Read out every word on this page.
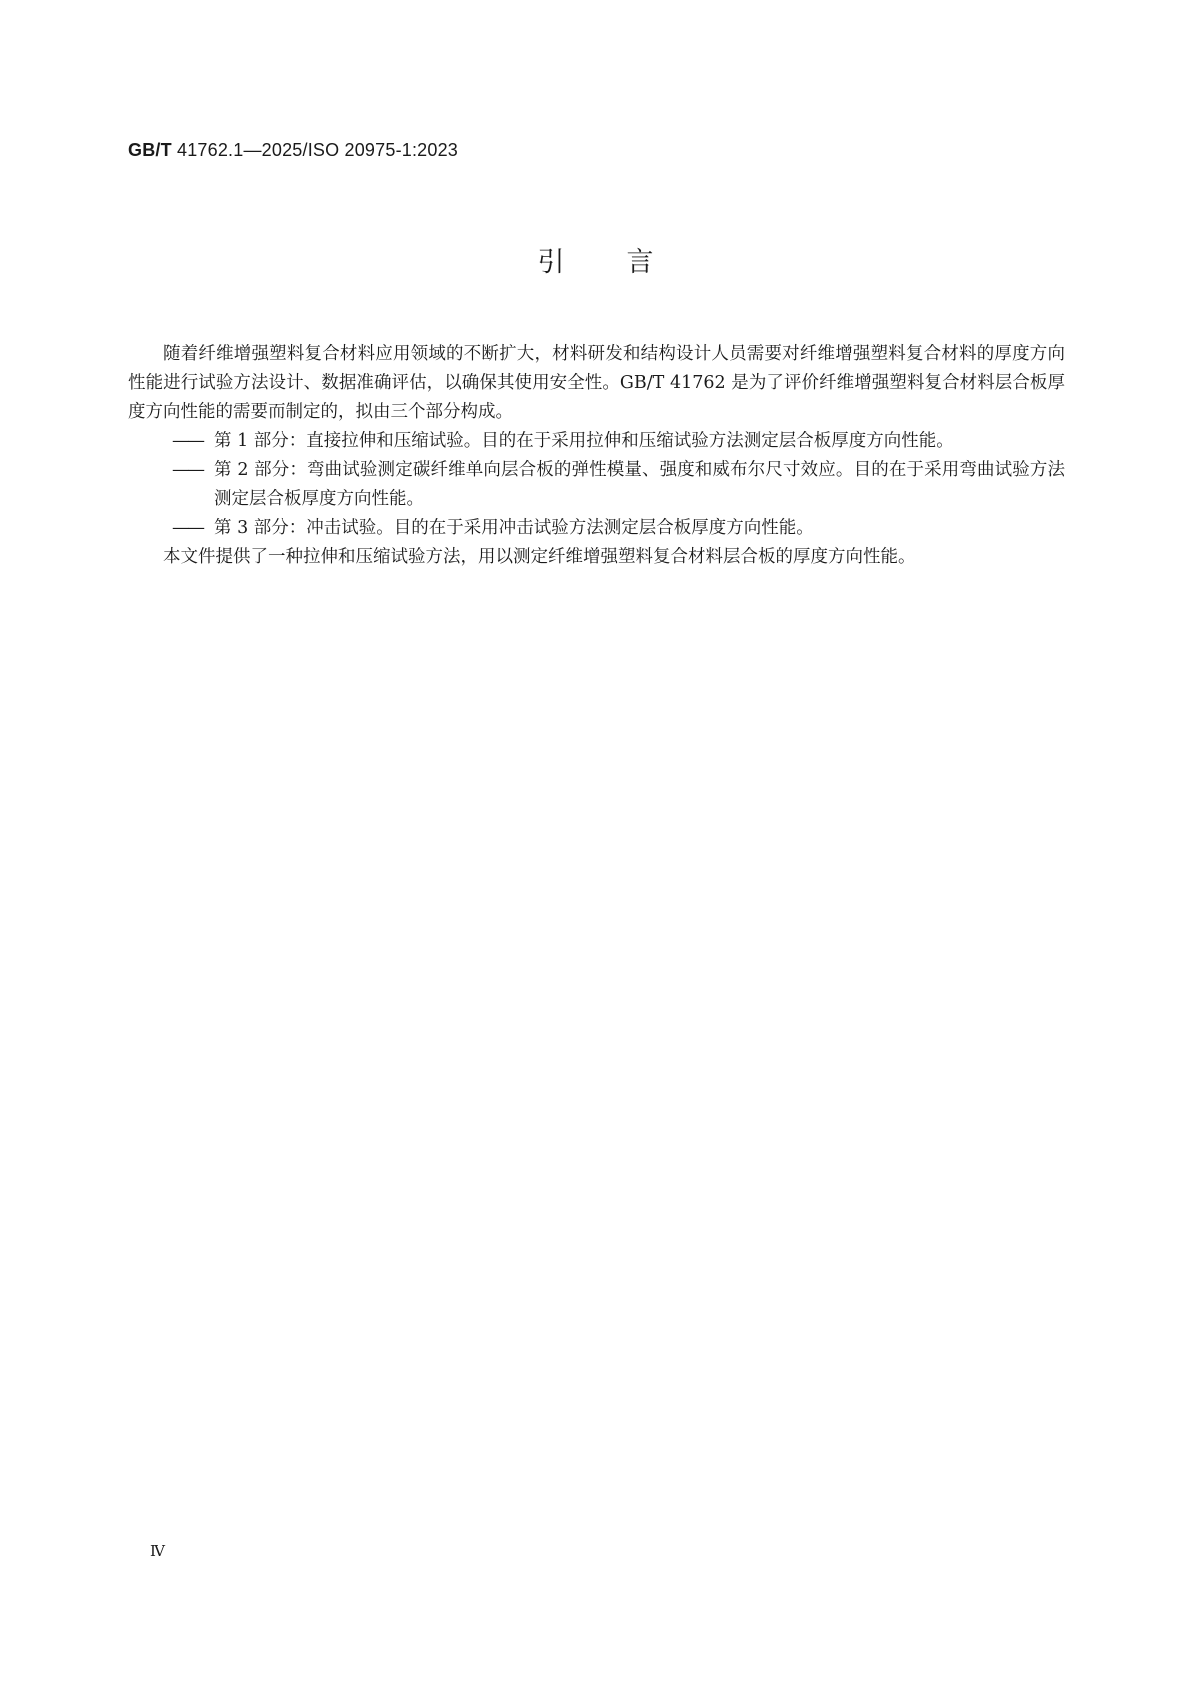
GB/T 41762.1—2025/ISO 20975-1:2023
引言

随着纤维增强塑料复合材料应用领域的不断扩大，材料研发和结构设计人员需要对纤维增强塑料复合材料的厚度方向性能进行试验方法设计、数据准确评估，以确保其使用安全性。GB/T 41762 是为了评价纤维增强塑料复合材料层合板厚度方向性能的需要而制定的，拟由三个部分构成。

—— 第 1 部分：直接拉伸和压缩试验。目的在于采用拉伸和压缩试验方法测定层合板厚度方向性能。
—— 第 2 部分：弯曲试验测定碳纤维单向层合板的弹性模量、强度和威布尔尺寸效应。目的在于采用弯曲试验方法测定层合板厚度方向性能。
—— 第 3 部分：冲击试验。目的在于采用冲击试验方法测定层合板厚度方向性能。

本文件提供了一种拉伸和压缩试验方法，用以测定纤维增强塑料复合材料层合板的厚度方向性能。

Ⅳ
